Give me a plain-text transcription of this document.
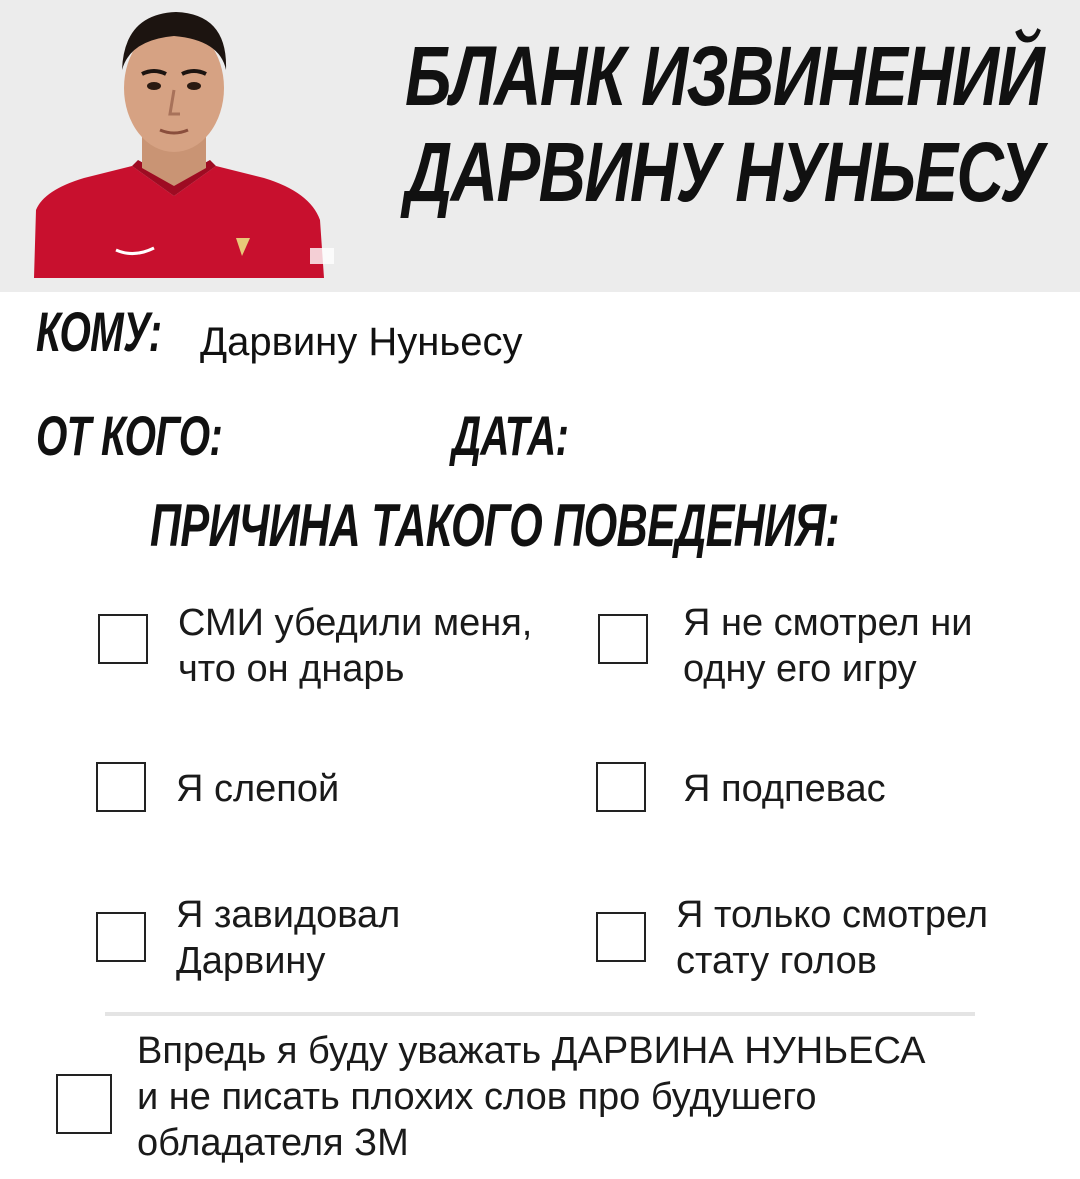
БЛАНК ИЗВИНЕНИЙ
ДАРВИНУ НУНЬЕСУ
КОМУ: Дарвину Нуньесу
ОТ КОГО:	ДАТА:
ПРИЧИНА ТАКОГО ПОВЕДЕНИЯ:
СМИ убедили меня,
что он днарь
Я не смотрел ни
одну его игру
Я слепой	Я подпевас
Я завидовал
Дарвину
Я только смотрел
стату голов
Впредь я буду уважать ДАРВИНА НУНЬЕСА
и не писать плохих слов про будушего
обладателя ЗМ
